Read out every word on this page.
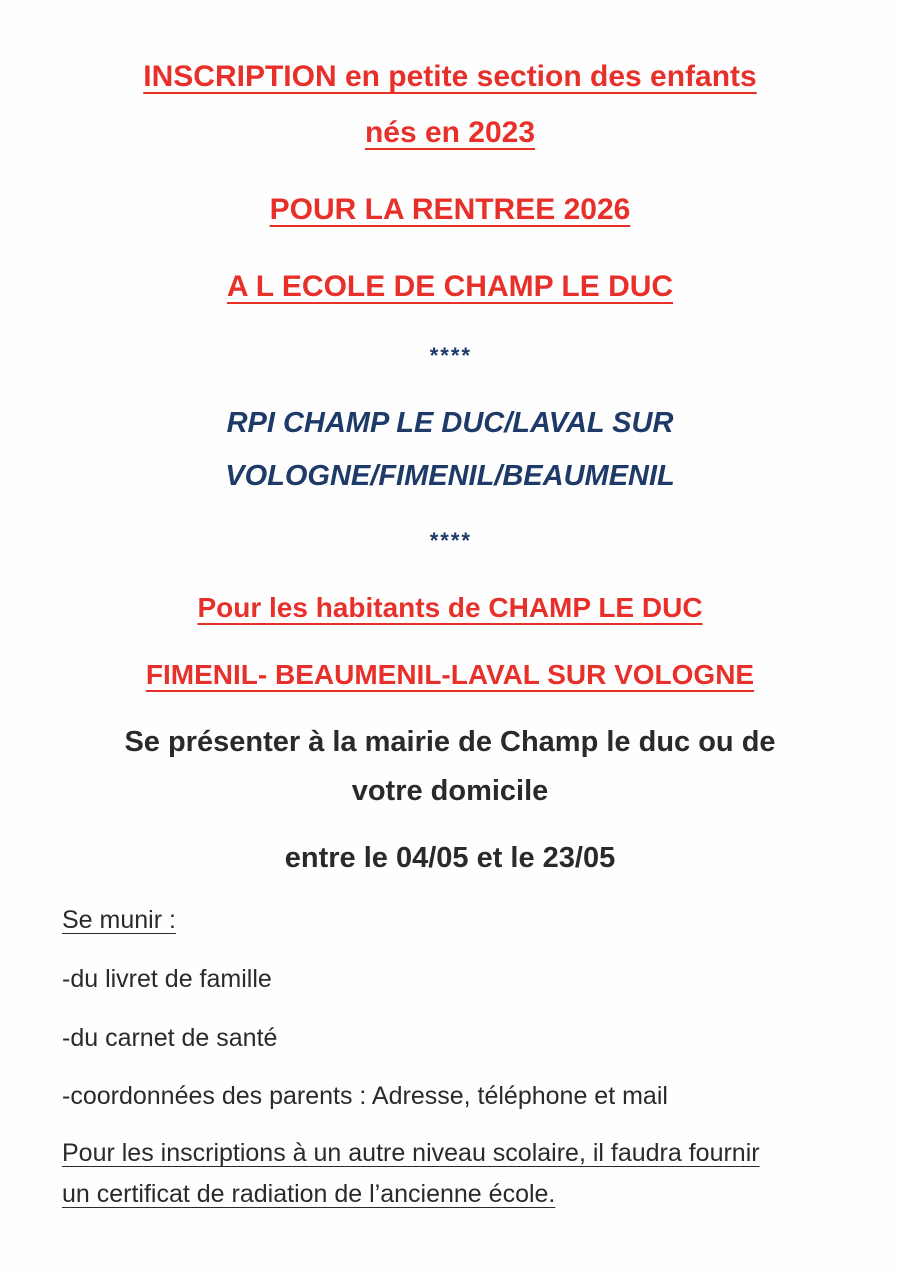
INSCRIPTION en petite section des enfants
nés en 2023
POUR LA RENTREE 2026
A L ECOLE DE CHAMP LE DUC
****
RPI CHAMP LE DUC/LAVAL SUR
VOLOGNE/FIMENIL/BEAUMENIL
****
Pour les habitants de CHAMP LE DUC
FIMENIL- BEAUMENIL-LAVAL SUR VOLOGNE
Se présenter à la mairie de Champ le duc ou de
votre domicile
entre le 04/05 et le 23/05
Se munir :
-du livret de famille
-du carnet de santé
-coordonnées des parents : Adresse, téléphone et mail
Pour les inscriptions à un autre niveau scolaire, il faudra fournir
un certificat de radiation de l’ancienne école.
